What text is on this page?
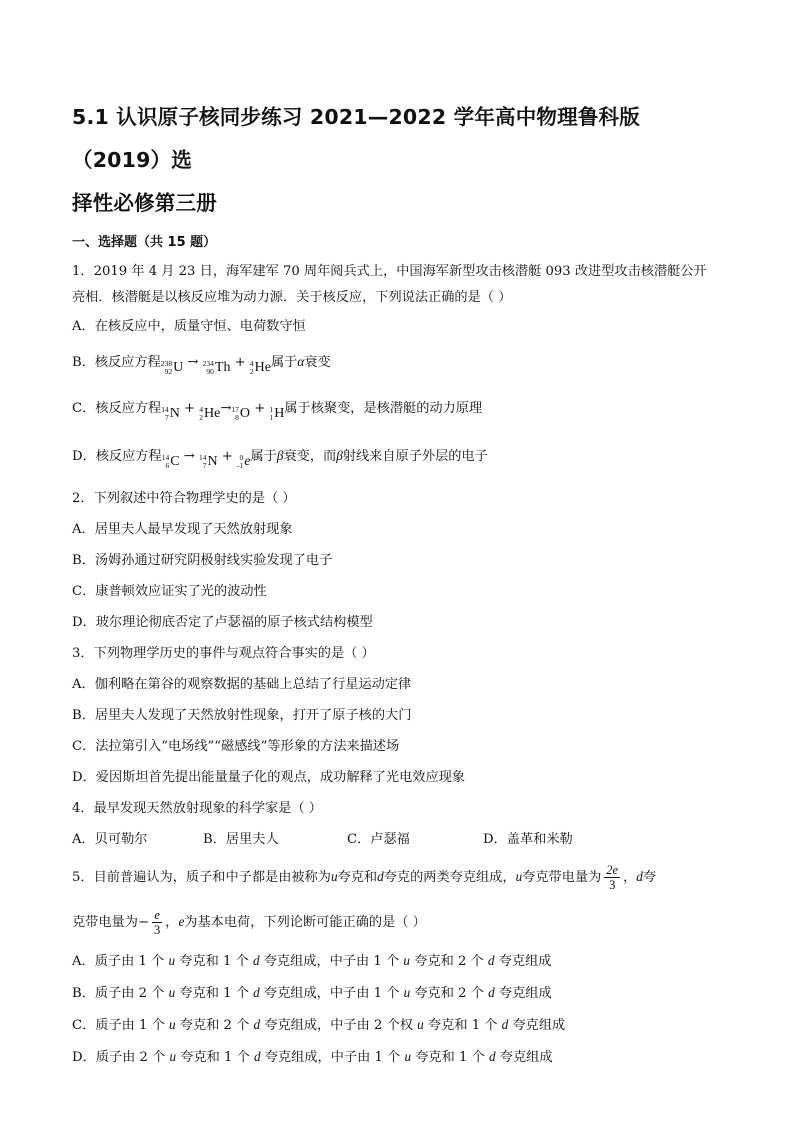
5.1 认识原子核同步练习 2021—2022 学年高中物理鲁科版（2019）选
择性必修第三册
一、选择题（共 15 题）
1．2019 年 4 月 23 日，海军建军 70 周年阅兵式上，中国海军新型攻击核潜艇 093 改进型攻击核潜艇公开
亮相．核潜艇是以核反应堆为动力源．关于核反应，下列说法正确的是（ ）
A．在核反应中，质量守恒、电荷数守恒
B．核反应方程 238
92 U → 234
90 Th + 4
2 He 属于α衰变
C．核反应方程 14
7 N + 4
2 He → 17
8 O + 1
1 H 属于核聚变，是核潜艇的动力原理
D．核反应方程 14
6 C → 14
7 N + 0
-1 e 属于β衰变，而β射线来自原子外层的电子
2．下列叙述中符合物理学史的是（ ）
A．居里夫人最早发现了天然放射现象
B．汤姆孙通过研究阴极射线实验发现了电子
C．康普顿效应证实了光的波动性
D．玻尔理论彻底否定了卢瑟福的原子核式结构模型
3．下列物理学历史的事件与观点符合事实的是（ ）
A．伽利略在第谷的观察数据的基础上总结了行星运动定律
B．居里夫人发现了天然放射性现象，打开了原子核的大门
C．法拉第引入“电场线”“磁感线”等形象的方法来描述场
D．爱因斯坦首先提出能量量子化的观点，成功解释了光电效应现象
4．最早发现天然放射现象的科学家是（ ）
A．贝可勒尔	B．居里夫人	C．卢瑟福	D．盖革和米勒
5．目前普遍认为，质子和中子都是由被称为u夸克和d夸克的两类夸克组成，u夸克带电量为 $\frac{2e}{3}$ ，d夸
克带电量为− $\frac{e}{3}$ ，e为基本电荷，下列论断可能正确的是（ ）
A．质子由 1 个 u 夸克和 1 个 d 夸克组成，中子由 1 个 u 夸克和 2 个 d 夸克组成
B．质子由 2 个 u 夸克和 1 个 d 夸克组成，中子由 1 个 u 夸克和 2 个 d 夸克组成
C．质子由 1 个 u 夸克和 2 个 d 夸克组成，中子由 2 个权 u 夸克和 1 个 d 夸克组成
D．质子由 2 个 u 夸克和 1 个 d 夸克组成，中子由 1 个 u 夸克和 1 个 d 夸克组成
